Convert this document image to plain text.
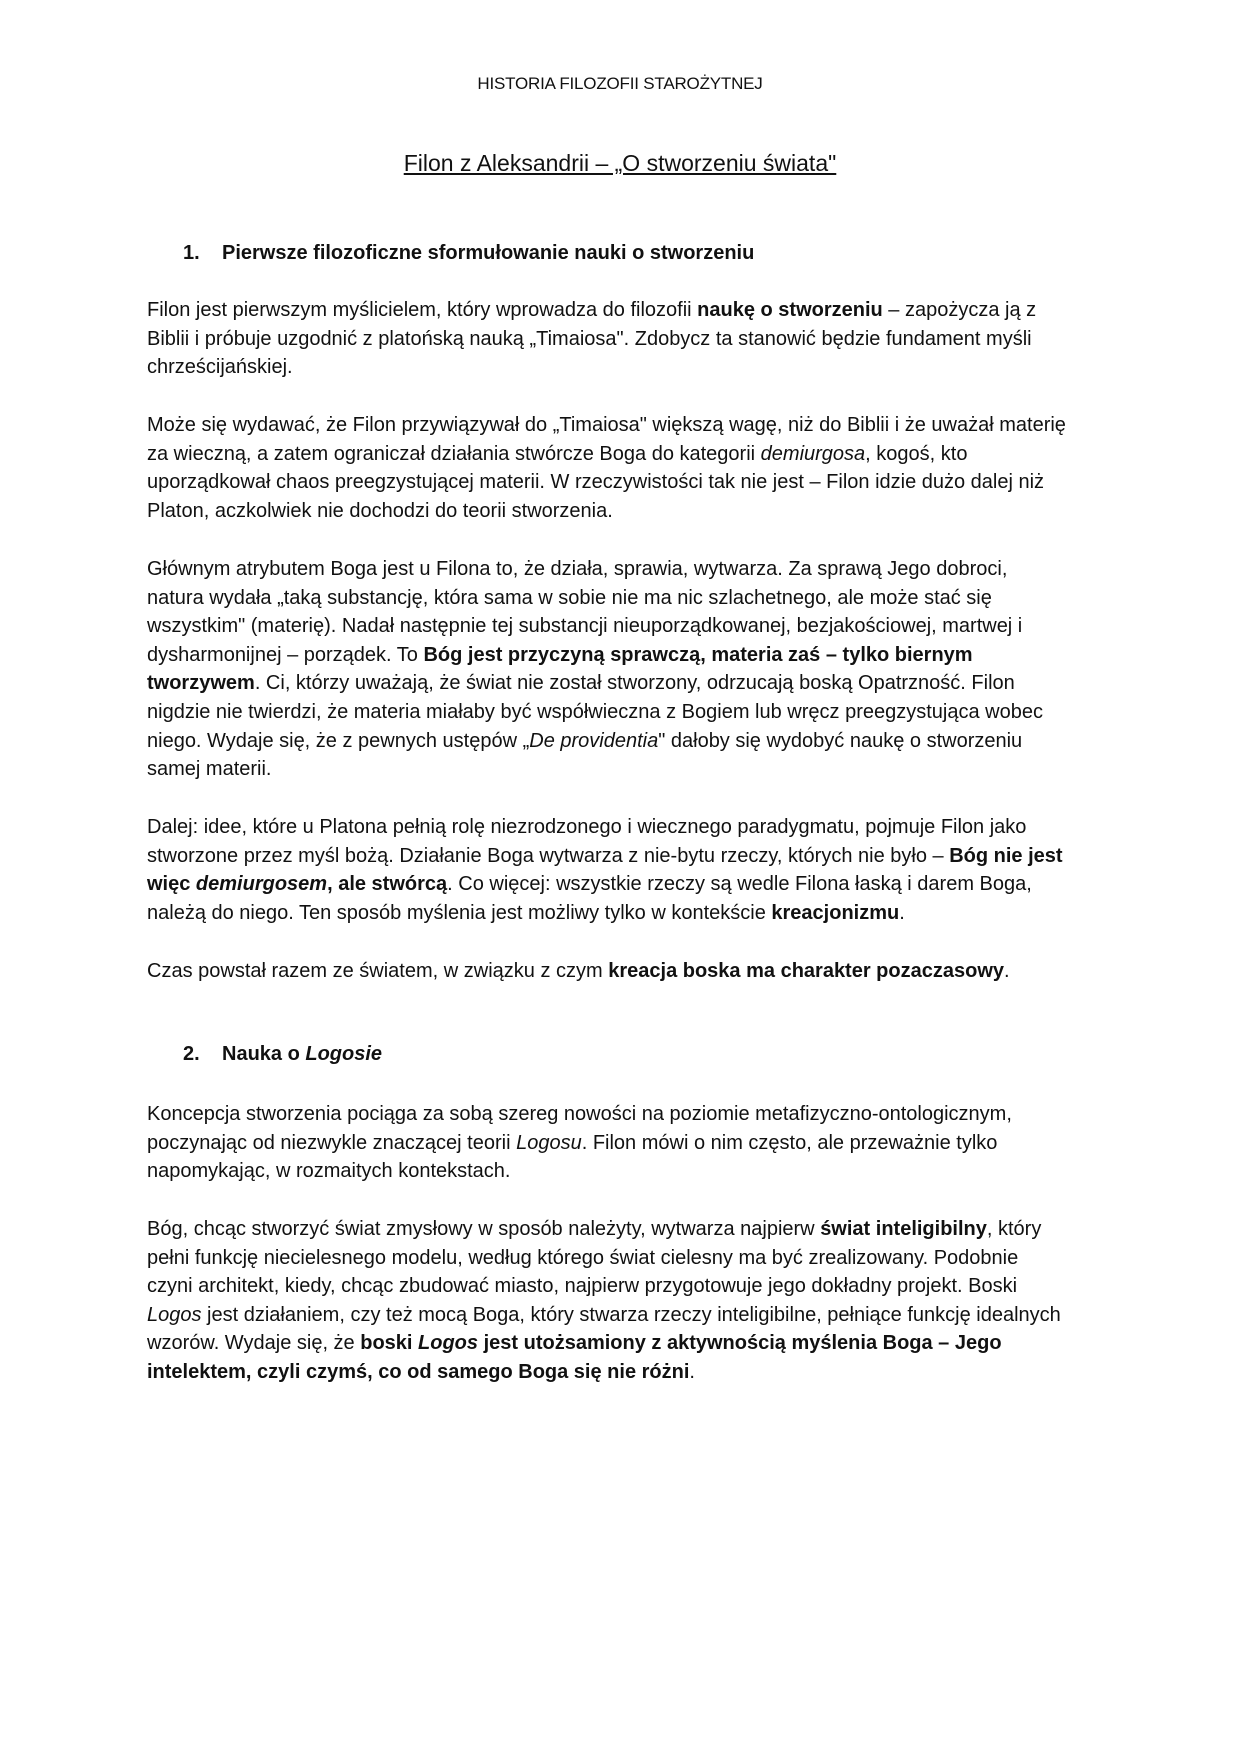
HISTORIA FILOZOFII STAROŻYTNEJ
Filon z Aleksandrii – „O stworzeniu świata"
1. Pierwsze filozoficzne sformułowanie nauki o stworzeniu
Filon jest pierwszym myślicielem, który wprowadza do filozofii naukę o stworzeniu – zapożycza ją z
Biblii i próbuje uzgodnić z platońską nauką „Timaiosa". Zdobycz ta stanowić będzie fundament myśli
chrześcijańskiej.
Może się wydawać, że Filon przywiązywał do „Timaiosa" większą wagę, niż do Biblii i że uważał materię
za wieczną, a zatem ograniczał działania stwórcze Boga do kategorii demiurgosa, kogoś, kto
uporządkował chaos preegzystującej materii. W rzeczywistości tak nie jest – Filon idzie dużo dalej niż
Platon, aczkolwiek nie dochodzi do teorii stworzenia.
Głównym atrybutem Boga jest u Filona to, że działa, sprawia, wytwarza. Za sprawą Jego dobroci,
natura wydała „taką substancję, która sama w sobie nie ma nic szlachetnego, ale może stać się
wszystkim" (materię). Nadał następnie tej substancji nieuporządkowanej, bezjakościowej, martwej i
dysharmonijnej – porządek. To Bóg jest przyczyną sprawczą, materia zaś – tylko biernym
tworzywem. Ci, którzy uważają, że świat nie został stworzony, odrzucają boską Opatrzność. Filon
nigdzie nie twierdzi, że materia miałaby być współwieczna z Bogiem lub wręcz preegzystująca wobec
niego. Wydaje się, że z pewnych ustępów „De providentia" dałoby się wydobyć naukę o stworzeniu
samej materii.
Dalej: idee, które u Platona pełnią rolę niezrodzonego i wiecznego paradygmatu, pojmuje Filon jako
stworzone przez myśl bożą. Działanie Boga wytwarza z nie-bytu rzeczy, których nie było – Bóg nie jest
więc demiurgosem, ale stwórcą. Co więcej: wszystkie rzeczy są wedle Filona łaską i darem Boga,
należą do niego. Ten sposób myślenia jest możliwy tylko w kontekście kreacjonizmu.
Czas powstał razem ze światem, w związku z czym kreacja boska ma charakter pozaczasowy.
2. Nauka o Logosie
Koncepcja stworzenia pociąga za sobą szereg nowości na poziomie metafizyczno-ontologicznym,
poczynając od niezwykle znaczącej teorii Logosu. Filon mówi o nim często, ale przeważnie tylko
napomykając, w rozmaitych kontekstach.
Bóg, chcąc stworzyć świat zmysłowy w sposób należyty, wytwarza najpierw świat inteligibilny, który
pełni funkcję niecielesnego modelu, według którego świat cielesny ma być zrealizowany. Podobnie
czyni architekt, kiedy, chcąc zbudować miasto, najpierw przygotowuje jego dokładny projekt. Boski
Logos jest działaniem, czy też mocą Boga, który stwarza rzeczy inteligibilne, pełniące funkcję idealnych
wzorów. Wydaje się, że boski Logos jest utożsamiony z aktywnością myślenia Boga – Jego
intelektem, czyli czymś, co od samego Boga się nie różni.
